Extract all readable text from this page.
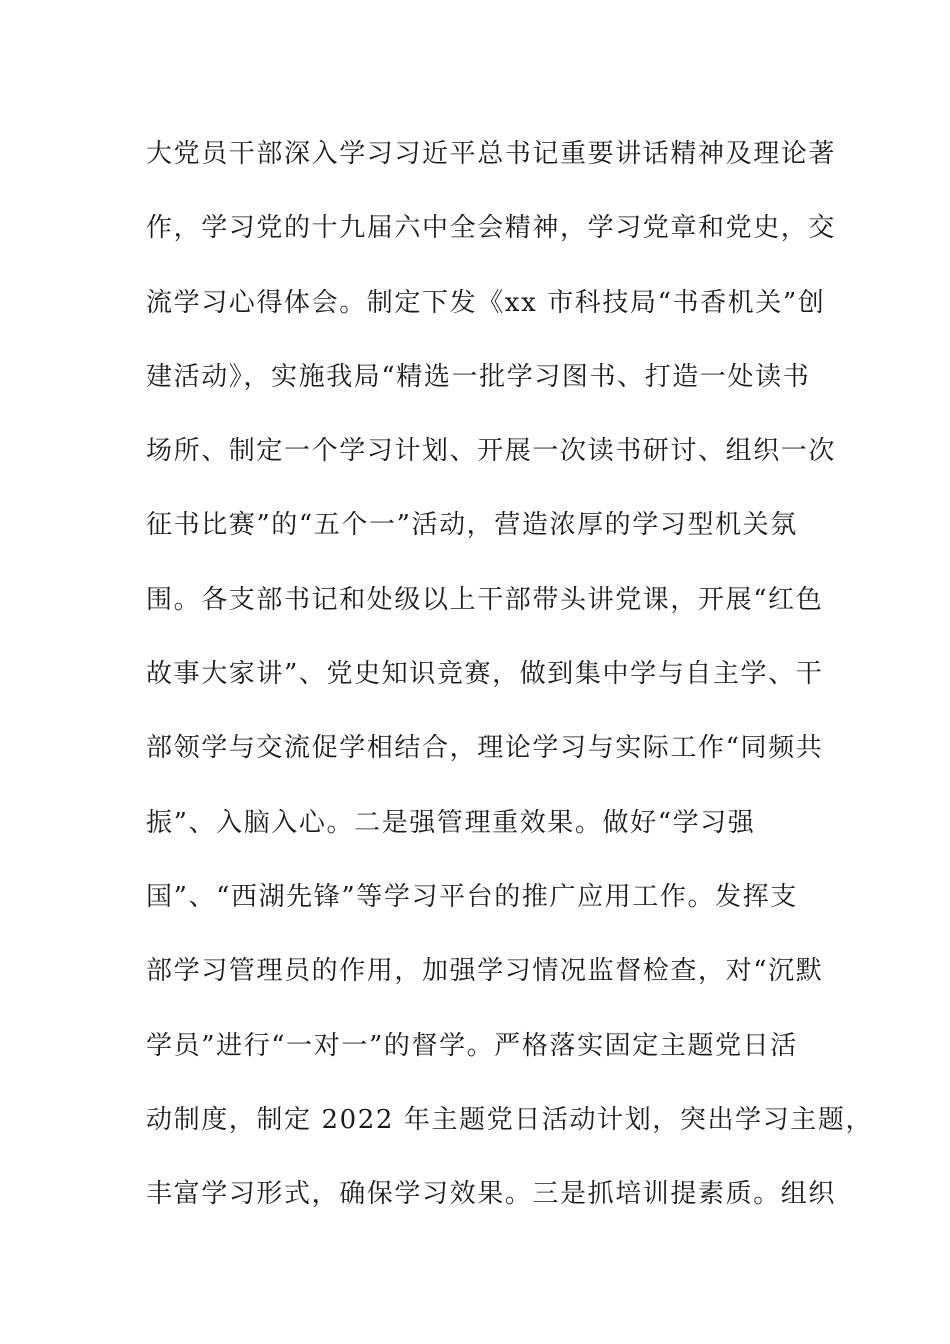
大党员干部深入学习习近平总书记重要讲话精神及理论著
作，学习党的十九届六中全会精神，学习党章和党史，交
流学习心得体会。制定下发《xx 市科技局“书香机关”创
建活动》，实施我局“精选一批学习图书、打造一处读书
场所、制定一个学习计划、开展一次读书研讨、组织一次
征书比赛”的“五个一”活动，营造浓厚的学习型机关氛
围。各支部书记和处级以上干部带头讲党课，开展“红色
故事大家讲”、党史知识竞赛，做到集中学与自主学、干
部领学与交流促学相结合，理论学习与实际工作“同频共
振”、入脑入心。二是强管理重效果。做好“学习强
国”、“西湖先锋”等学习平台的推广应用工作。发挥支
部学习管理员的作用，加强学习情况监督检查，对“沉默
学员”进行“一对一”的督学。严格落实固定主题党日活
动制度，制定 2022 年主题党日活动计划，突出学习主题，
丰富学习形式，确保学习效果。三是抓培训提素质。组织
